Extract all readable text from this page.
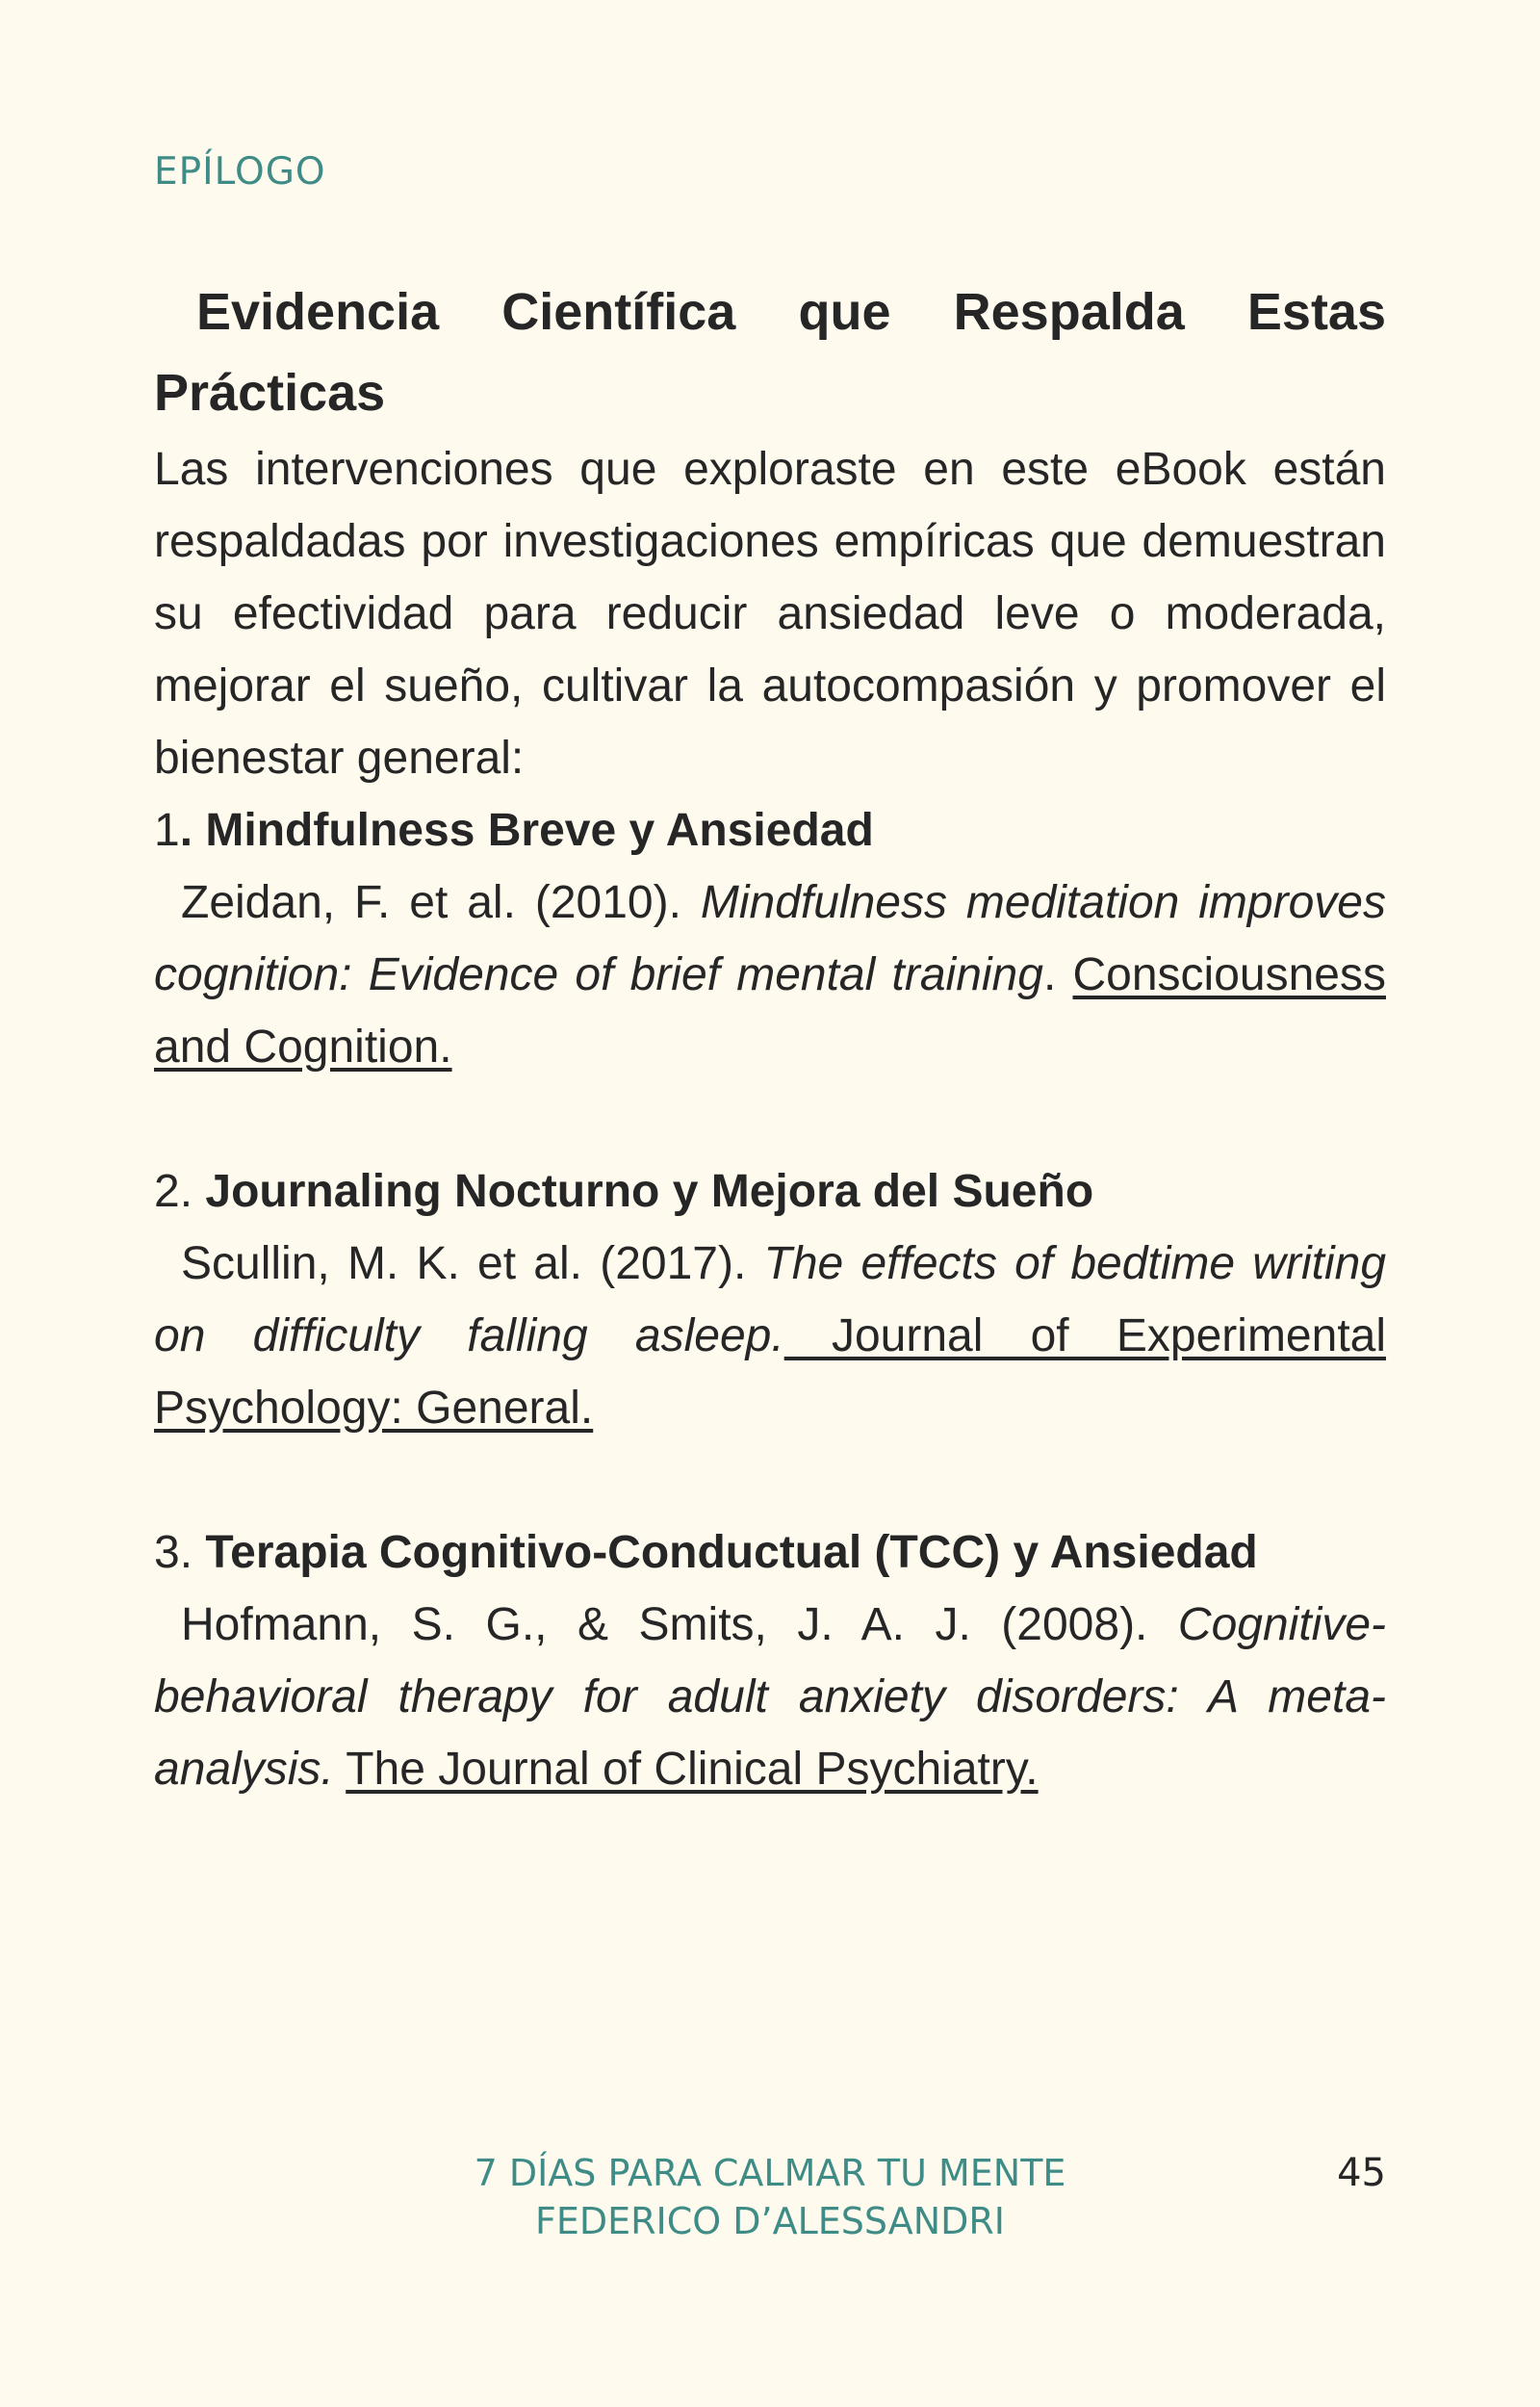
EPÍLOGO

Evidencia Científica que Respalda Estas Prácticas

Las intervenciones que exploraste en este eBook están respaldadas por investigaciones empíricas que demuestran su efectividad para reducir ansiedad leve o moderada, mejorar el sueño, cultivar la autocompasión y promover el bienestar general:

1. Mindfulness Breve y Ansiedad

Zeidan, F. et al. (2010). Mindfulness meditation improves cognition: Evidence of brief mental training. Consciousness and Cognition.

2. Journaling Nocturno y Mejora del Sueño

Scullin, M. K. et al. (2017). The effects of bedtime writing on difficulty falling asleep. Journal of Experimental Psychology: General.

3. Terapia Cognitivo-Conductual (TCC) y Ansiedad

Hofmann, S. G., & Smits, J. A. J. (2008). Cognitive-behavioral therapy for adult anxiety disorders: A meta-analysis. The Journal of Clinical Psychiatry.

7 DÍAS PARA CALMAR TU MENTE
FEDERICO D’ALESSANDRI
45
